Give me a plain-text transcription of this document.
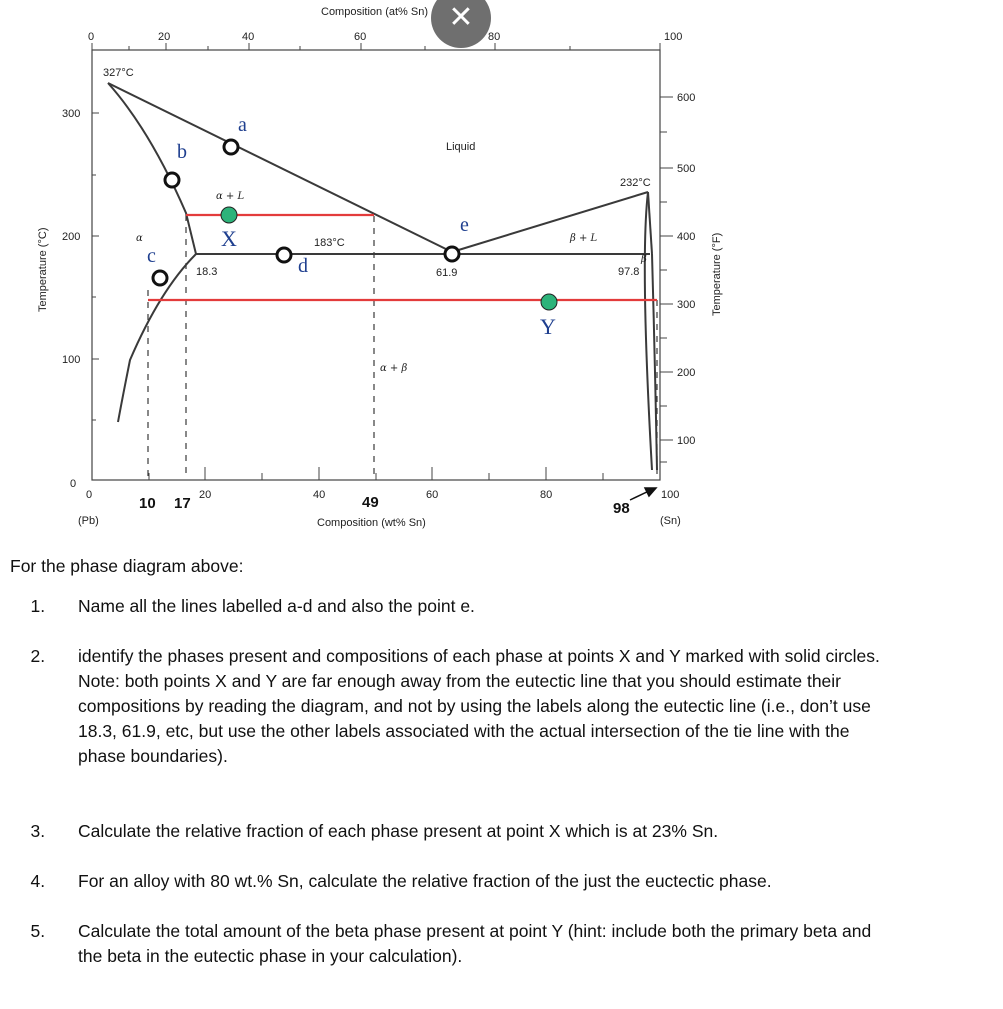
Composition (at% Sn)
0	20	40	60	80	100
300
200
100
0
Temperature (°C)
600
500
400
300
200
100
Temperature (°F)
0	20	40	60	80	100
(Pb)	(Sn)
Composition (wt% Sn)
Liquid
α + L
β + L
α + β
α
β
327°C
232°C
183°C
18.3	61.9	97.8
a
b
c	d
e
X
Y
10 17	49	98
✕

For the phase diagram above:

1. Name all the lines labelled a-d and also the point e.
2. identify the phases present and compositions of each phase at points X and Y marked with solid circles. Note: both points X and Y are far enough away from the eutectic line that you should estimate their compositions by reading the diagram, and not by using the labels along the eutectic line (i.e., don’t use 18.3, 61.9, etc, but use the other labels associated with the actual intersection of the tie line with the phase boundaries).
3. Calculate the relative fraction of each phase present at point X which is at 23% Sn.
4. For an alloy with 80 wt.% Sn, calculate the relative fraction of the just the euctectic phase.
5. Calculate the total amount of the beta phase present at point Y (hint: include both the primary beta and the beta in the eutectic phase in your calculation).
